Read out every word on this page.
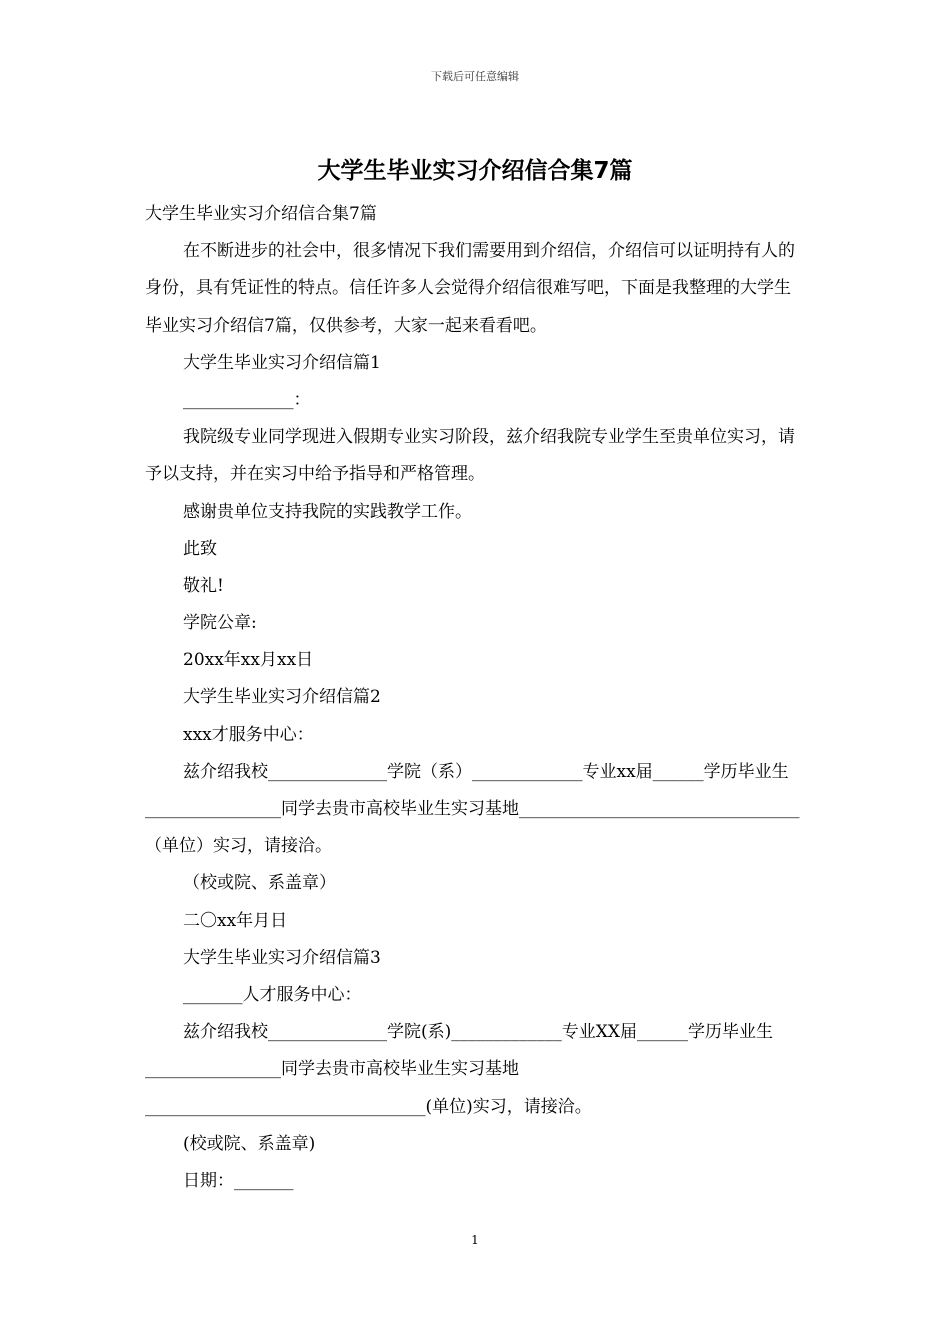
下载后可任意编辑
大学生毕业实习介绍信合集7篇
大学生毕业实习介绍信合集7篇
在不断进步的社会中，很多情况下我们需要用到介绍信，介绍信可以证明持有人的身份，具有凭证性的特点。信任许多人会觉得介绍信很难写吧，下面是我整理的大学生毕业实习介绍信7篇，仅供参考，大家一起来看看吧。
大学生毕业实习介绍信篇1
_____________：
我院级专业同学现进入假期专业实习阶段，兹介绍我院专业学生至贵单位实习，请予以支持，并在实习中给予指导和严格管理。
感谢贵单位支持我院的实践教学工作。
此致
敬礼!
学院公章:
20xx年xx月xx日
大学生毕业实习介绍信篇2
xxx才服务中心：
兹介绍我校______________学院（系）_____________专业xx届______学历毕业生________________同学去贵市高校毕业生实习基地_________________________________（单位）实习，请接洽。
（校或院、系盖章）
二〇xx年月日
大学生毕业实习介绍信篇3
_______人才服务中心：
兹介绍我校______________学院(系)_____________专业XX届______学历毕业生________________同学去贵市高校毕业生实习基地_________________________________(单位)实习，请接洽。
(校或院、系盖章)
日期：_______
1
